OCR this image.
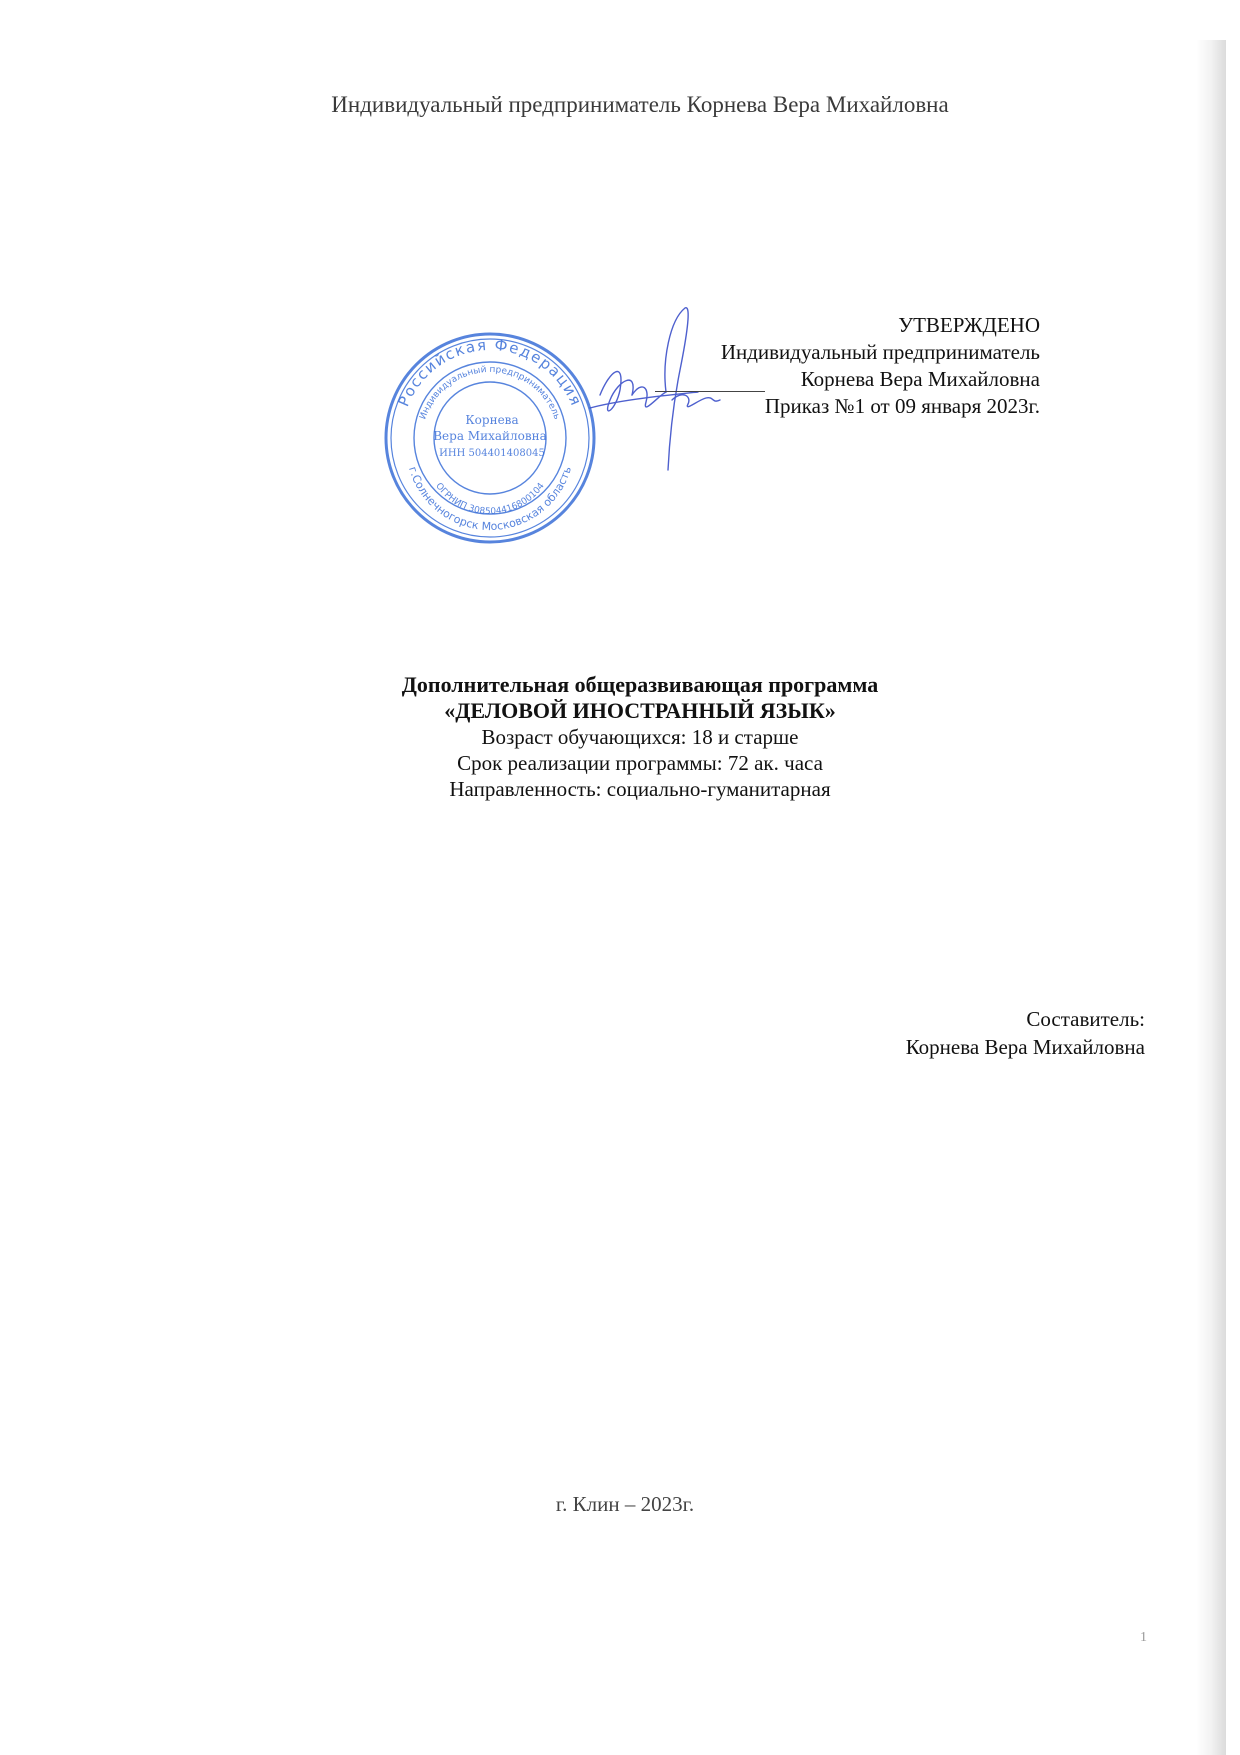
Индивидуальный предприниматель Корнева Вера Михайловна
Российская Федерация
г.Солнечногорск Московская область
Индивидуальный предприниматель
ОГРНИП 308504416800104
Корнева
Вера Михайловна
ИНН 504401408045
УТВЕРЖДЕНО
Индивидуальный предприниматель
Корнева Вера Михайловна
Приказ №1 от 09 января 2023г.
Дополнительная общеразвивающая программа
«ДЕЛОВОЙ ИНОСТРАННЫЙ ЯЗЫК»
Возраст обучающихся: 18 и старше
Срок реализации программы: 72 ак. часа
Направленность: социально-гуманитарная
Составитель:
Корнева Вера Михайловна
г. Клин – 2023г.
1
